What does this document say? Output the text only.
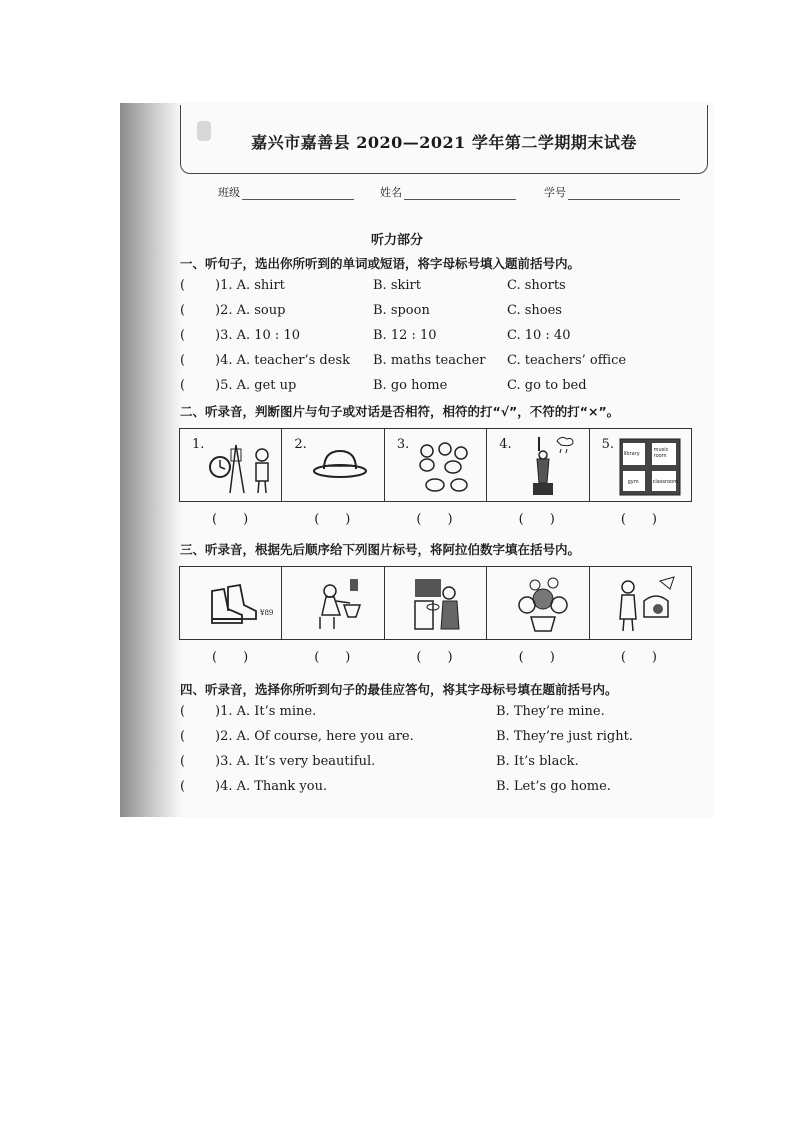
嘉兴市嘉善县 2020—2021 学年第二学期期末试卷
班级	姓名	学号
听力部分
一、听句子，选出你所听到的单词或短语，将字母标号填入题前括号内。
( )1. A. shirt	B. skirt	C. shorts
( )2. A. soup	B. spoon	C. shoes
( )3. A. 10 : 10	B. 12 : 10	C. 10 : 40
( )4. A. teacher’s desk B. maths teacher C. teachers’ office
( )5. A. get up	B. go home	C. go to bed
二、听录音，判断图片与句子或对话是否相符，相符的打“√”，不符的打“×”。
1.	2.	3.	4.	5.
library
music room
gym	classroom
(　　)	(　　)	(　　)	(　　)	(　　)
三、听录音，根据先后顺序给下列图片标号，将阿拉伯数字填在括号内。
¥89
(　　)	(　　)	(　　)	(　　)	(　　)
四、听录音，选择你所听到句子的最佳应答句，将其字母标号填在题前括号内。
( )1. A. It’s mine.	B. They’re mine.
( )2. A. Of course, here you are.	B. They’re just right.
( )3. A. It’s very beautiful.	B. It’s black.
( )4. A. Thank you.	B. Let’s go home.
